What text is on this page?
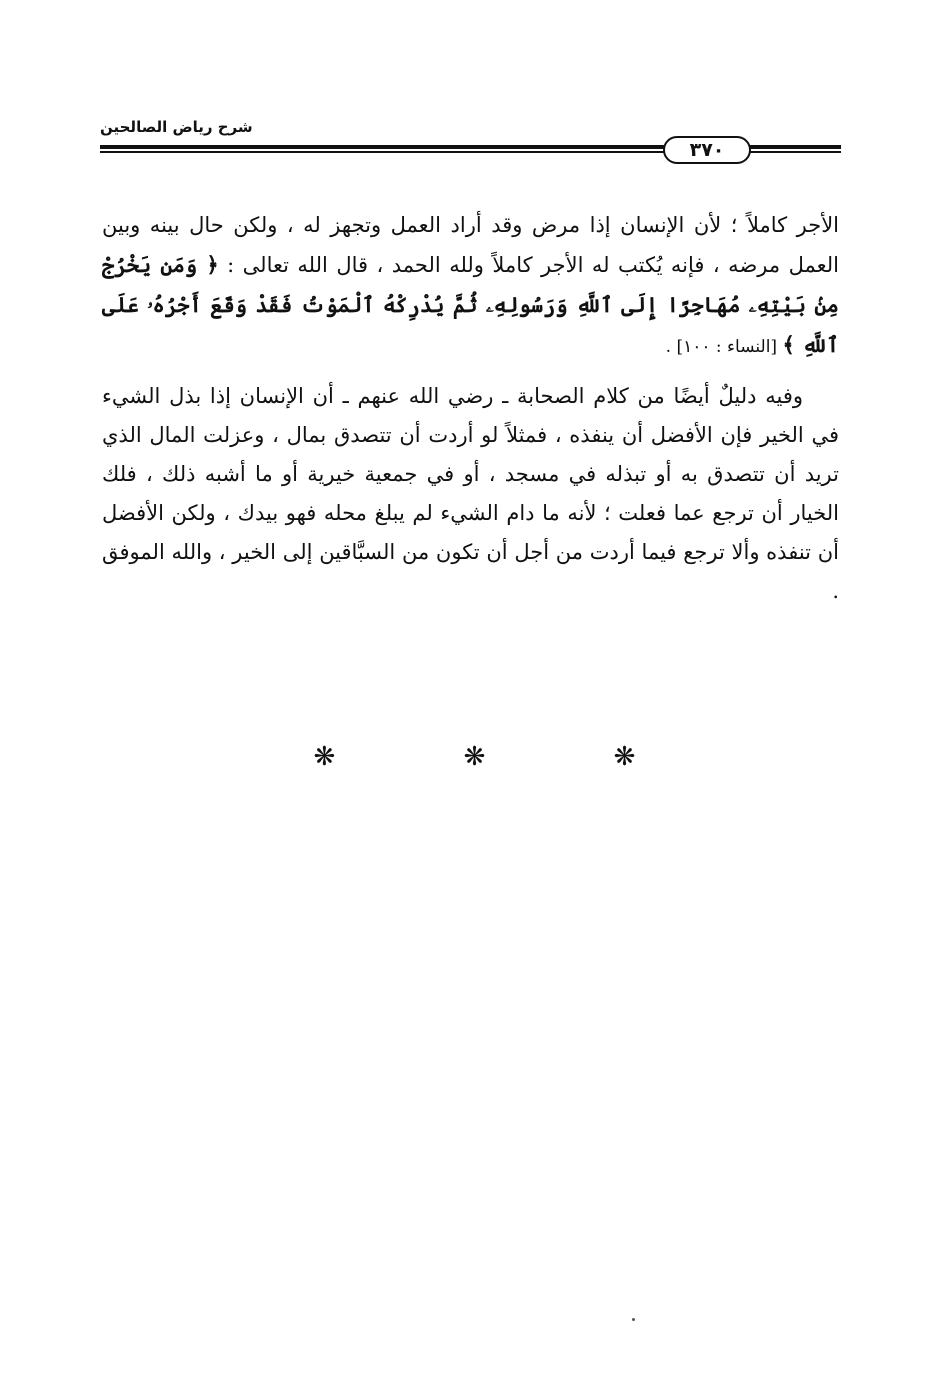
شرح رياض الصالحين
٣٧٠

الأجر كاملاً ؛ لأن الإنسان إذا مرض وقد أراد العمل وتجهز له ، ولكن حال بينه وبين العمل مرضه ، فإنه يُكتب له الأجر كاملاً ولله الحمد ، قال الله تعالى : ﴿ وَمَن يَخْرُجْ مِنۢ بَيْتِهِۦ مُهَاجِرًا إِلَى ٱللَّهِ وَرَسُولِهِۦ ثُمَّ يُدْرِكْهُ ٱلْمَوْتُ فَقَدْ وَقَعَ أَجْرُهُۥ عَلَى ٱللَّهِ ﴾ [النساء : ١٠٠] .

وفيه دليلٌ أيضًا من كلام الصحابة ـ رضي الله عنهم ـ أن الإنسان إذا بذل الشيء في الخير فإن الأفضل أن ينفذه ، فمثلاً لو أردت أن تتصدق بمال ، وعزلت المال الذي تريد أن تتصدق به أو تبذله في مسجد ، أو في جمعية خيرية أو ما أشبه ذلك ، فلك الخيار أن ترجع عما فعلت ؛ لأنه ما دام الشيء لم يبلغ محله فهو بيدك ، ولكن الأفضل أن تنفذه وألا ترجع فيما أردت من أجل أن تكون من السبَّاقين إلى الخير ، والله الموفق .

❋ ❋ ❋
